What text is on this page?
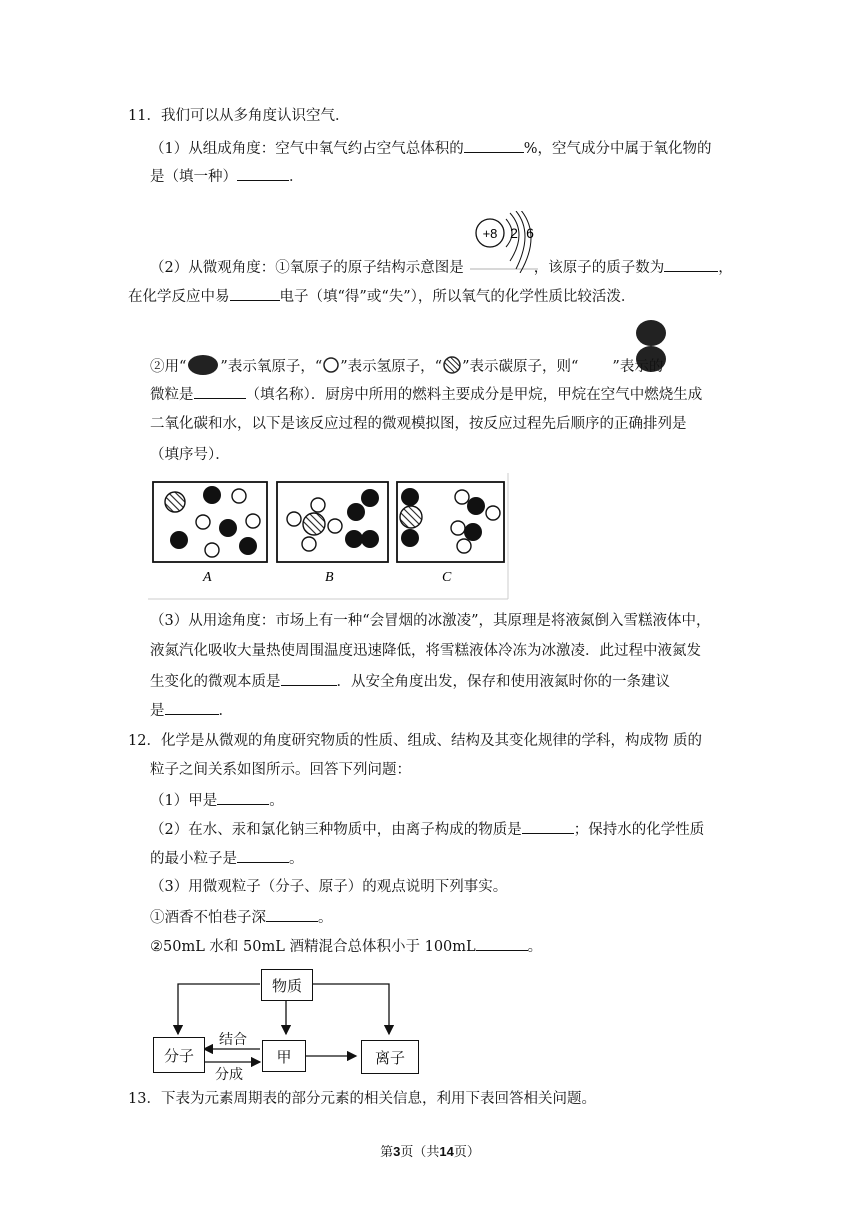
11．我们可以从多角度认识空气．
（1）从组成角度：空气中氧气约占空气总体积的	%，空气成分中属于氧化物的
是（填一种）	．
+8 2 6
（2）从微观角度：①氧原子的原子结构示意图是	，该原子的质子数为	，
在化学反应中易	电子（填“得”或“失”），所以氧气的化学性质比较活泼．
②用“ ”表示氧原子，“ ”表示氢原子，“ ”表示碳原子，则“ ”表示的
微粒是	（填名称）．厨房中所用的燃料主要成分是甲烷，甲烷在空气中燃烧生成
二氧化碳和水，以下是该反应过程的微观模拟图，按反应过程先后顺序的正确排列是
（填序号）．
A	B	C
（3）从用途角度：市场上有一种“会冒烟的冰激凌”，其原理是将液氮倒入雪糕液体中，
液氮汽化吸收大量热使周围温度迅速降低，将雪糕液体冷冻为冰激凌．此过程中液氮发
生变化的微观本质是	．从安全角度出发，保存和使用液氮时你的一条建议
是	．
12．化学是从微观的角度研究物质的性质、组成、结构及其变化规律的学科，构成物 质的
粒子之间关系如图所示。回答下列问题：
（1）甲是	。
（2）在水、汞和氯化钠三种物质中，由离子构成的物质是	；保持水的化学性质
的最小粒子是	。
（3）用微观粒子（分子、原子）的观点说明下列事实。
①酒香不怕巷子深	。
②50mL 水和 50mL 酒精混合总体积小于 100mL	。
物质
分子	甲	离子
结合
分成
13．下表为元素周期表的部分元素的相关信息，利用下表回答相关问题。
第3页（共14页）
